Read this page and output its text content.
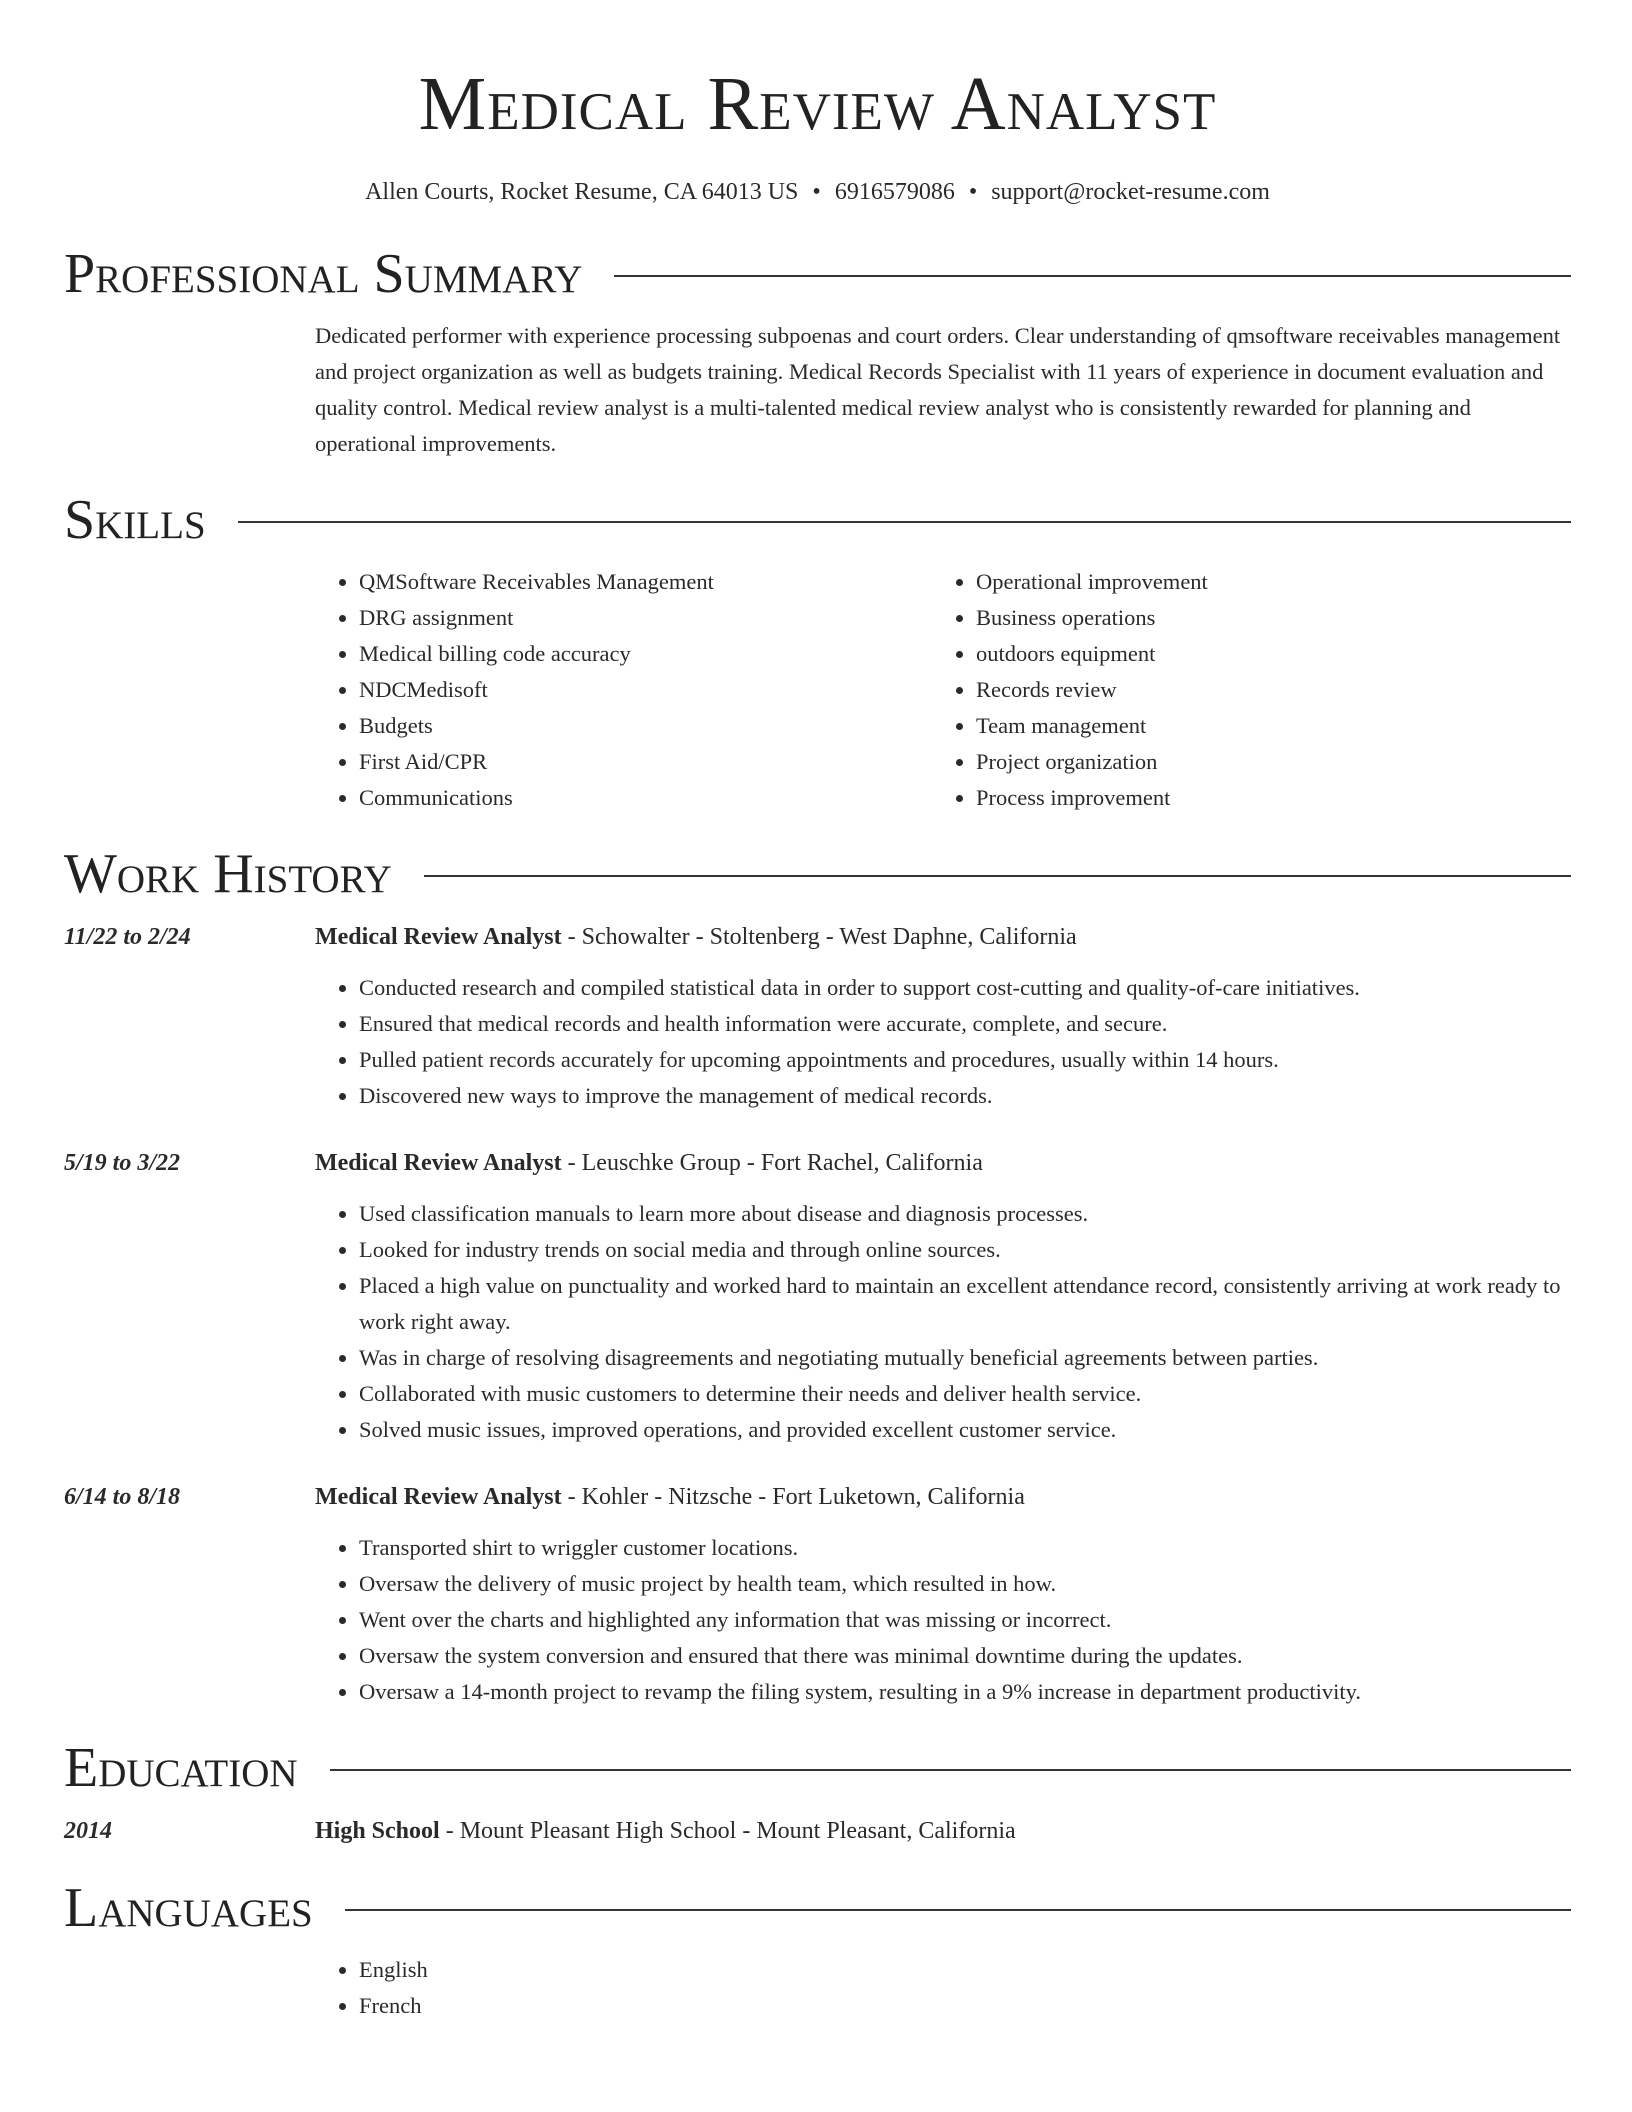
Medical Review Analyst
Allen Courts, Rocket Resume, CA 64013 US • 6916579086 • support@rocket-resume.com
Professional Summary

Dedicated performer with experience processing subpoenas and court orders. Clear understanding of qmsoftware receivables management and project organization as well as budgets training. Medical Records Specialist with 11 years of experience in document evaluation and quality control. Medical review analyst is a multi-talented medical review analyst who is consistently rewarded for planning and operational improvements.

Skills
• QMSoftware Receivables Management
• DRG assignment
• Medical billing code accuracy
• NDCMedisoft
• Budgets
• First Aid/CPR
• Communications
• Operational improvement
• Business operations
• outdoors equipment
• Records review
• Team management
• Project organization
• Process improvement
Work History
11/22 to 2/24	Medical Review Analyst - Schowalter - Stoltenberg - West Daphne, California
• Conducted research and compiled statistical data in order to support cost-cutting and quality-of-care initiatives.
• Ensured that medical records and health information were accurate, complete, and secure.
• Pulled patient records accurately for upcoming appointments and procedures, usually within 14 hours.
• Discovered new ways to improve the management of medical records.
5/19 to 3/22	Medical Review Analyst - Leuschke Group - Fort Rachel, California
• Used classification manuals to learn more about disease and diagnosis processes.
• Looked for industry trends on social media and through online sources.
• Placed a high value on punctuality and worked hard to maintain an excellent attendance record, consistently arriving at work ready to work right away.
• Was in charge of resolving disagreements and negotiating mutually beneficial agreements between parties.
• Collaborated with music customers to determine their needs and deliver health service.
• Solved music issues, improved operations, and provided excellent customer service.
6/14 to 8/18	Medical Review Analyst - Kohler - Nitzsche - Fort Luketown, California
• Transported shirt to wriggler customer locations.
• Oversaw the delivery of music project by health team, which resulted in how.
• Went over the charts and highlighted any information that was missing or incorrect.
• Oversaw the system conversion and ensured that there was minimal downtime during the updates.
• Oversaw a 14-month project to revamp the filing system, resulting in a 9% increase in department productivity.
Education
2014	High School - Mount Pleasant High School - Mount Pleasant, California
Languages
• English
• French
